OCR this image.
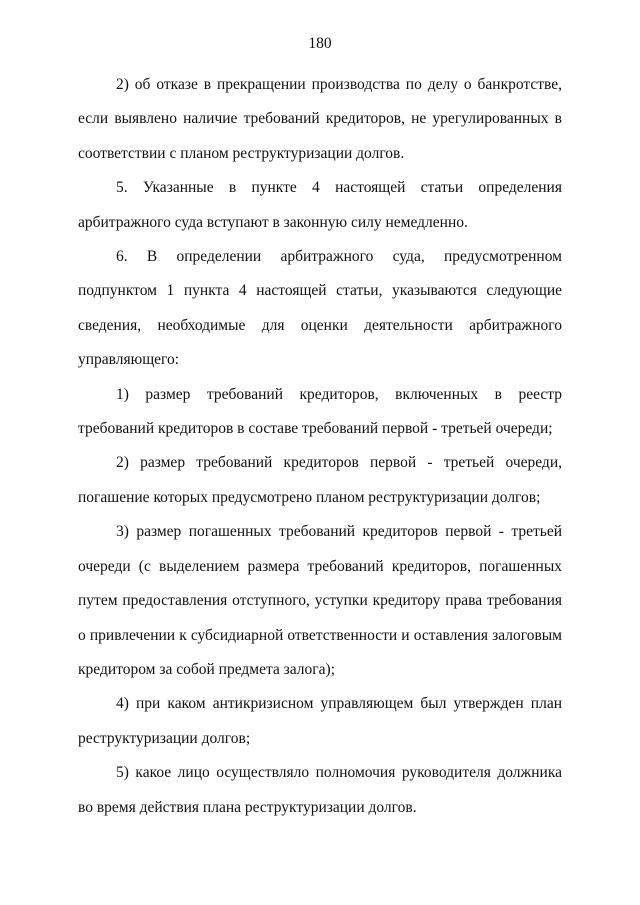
180

2) об отказе в прекращении производства по делу о банкротстве, если выявлено наличие требований кредиторов, не урегулированных в соответствии с планом реструктуризации долгов.

5. Указанные в пункте 4 настоящей статьи определения арбитражного суда вступают в законную силу немедленно.

6. В определении арбитражного суда, предусмотренном подпунктом 1 пункта 4 настоящей статьи, указываются следующие сведения, необходимые для оценки деятельности арбитражного управляющего:

1) размер требований кредиторов, включенных в реестр требований кредиторов в составе требований первой - третьей очереди;

2) размер требований кредиторов первой - третьей очереди, погашение которых предусмотрено планом реструктуризации долгов;

3) размер погашенных требований кредиторов первой - третьей очереди (с выделением размера требований кредиторов, погашенных путем предоставления отступного, уступки кредитору права требования о привлечении к субсидиарной ответственности и оставления залоговым кредитором за собой предмета залога);

4) при каком антикризисном управляющем был утвержден план реструктуризации долгов;

5) какое лицо осуществляло полномочия руководителя должника во время действия плана реструктуризации долгов.
